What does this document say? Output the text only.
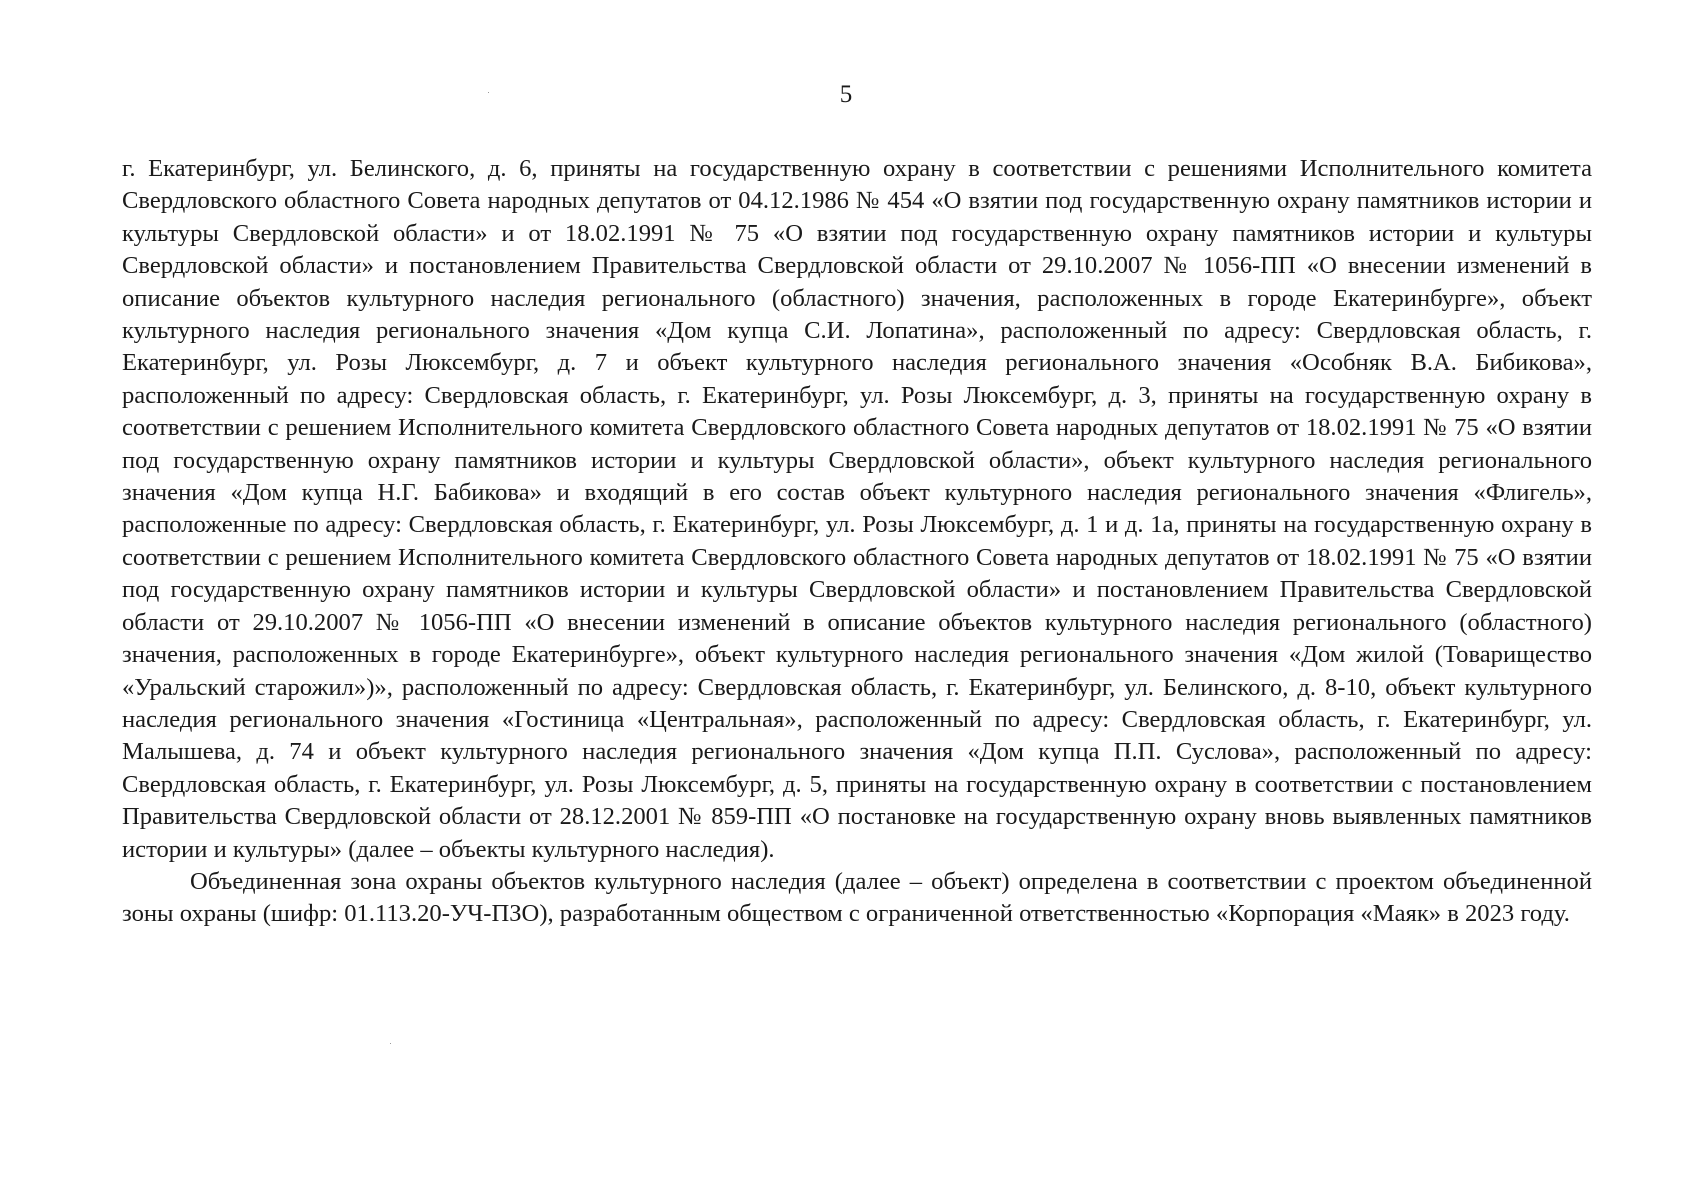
5

г. Екатеринбург, ул. Белинского, д. 6, приняты на государственную охрану в соответствии с решениями Исполнительного комитета Свердловского областного Совета народных депутатов от 04.12.1986 № 454 «О взятии под государственную охрану памятников истории и культуры Свердловской области» и от 18.02.1991 № 75 «О взятии под государственную охрану памятников истории и культуры Свердловской области» и постановлением Правительства Свердловской области от 29.10.2007 № 1056-ПП «О внесении изменений в описание объектов культурного наследия регионального (областного) значения, расположенных в городе Екатеринбурге», объект культурного наследия регионального значения «Дом купца С.И. Лопатина», расположенный по адресу: Свердловская область, г. Екатеринбург, ул. Розы Люксембург, д. 7 и объект культурного наследия регионального значения «Особняк В.А. Бибикова», расположенный по адресу: Свердловская область, г. Екатеринбург, ул. Розы Люксембург, д. 3, приняты на государственную охрану в соответствии с решением Исполнительного комитета Свердловского областного Совета народных депутатов от 18.02.1991 № 75 «О взятии под государственную охрану памятников истории и культуры Свердловской области», объект культурного наследия регионального значения «Дом купца Н.Г. Бабикова» и входящий в его состав объект культурного наследия регионального значения «Флигель», расположенные по адресу: Свердловская область, г. Екатеринбург, ул. Розы Люксембург, д. 1 и д. 1а, приняты на государственную охрану в соответствии с решением Исполнительного комитета Свердловского областного Совета народных депутатов от 18.02.1991 № 75 «О взятии под государственную охрану памятников истории и культуры Свердловской области» и постановлением Правительства Свердловской области от 29.10.2007 № 1056-ПП «О внесении изменений в описание объектов культурного наследия регионального (областного) значения, расположенных в городе Екатеринбурге», объект культурного наследия регионального значения «Дом жилой (Товарищество «Уральский старожил»)», расположенный по адресу: Свердловская область, г. Екатеринбург, ул. Белинского, д. 8-10, объект культурного наследия регионального значения «Гостиница «Центральная», расположенный по адресу: Свердловская область, г. Екатеринбург, ул. Малышева, д. 74 и объект культурного наследия регионального значения «Дом купца П.П. Суслова», расположенный по адресу: Свердловская область, г. Екатеринбург, ул. Розы Люксембург, д. 5, приняты на государственную охрану в соответствии с постановлением Правительства Свердловской области от 28.12.2001 № 859-ПП «О постановке на государственную охрану вновь выявленных памятников истории и культуры» (далее – объекты культурного наследия).

Объединенная зона охраны объектов культурного наследия (далее – объект) определена в соответствии с проектом объединенной зоны охраны (шифр: 01.113.20-УЧ-ПЗО), разработанным обществом с ограниченной ответственностью «Корпорация «Маяк» в 2023 году.
